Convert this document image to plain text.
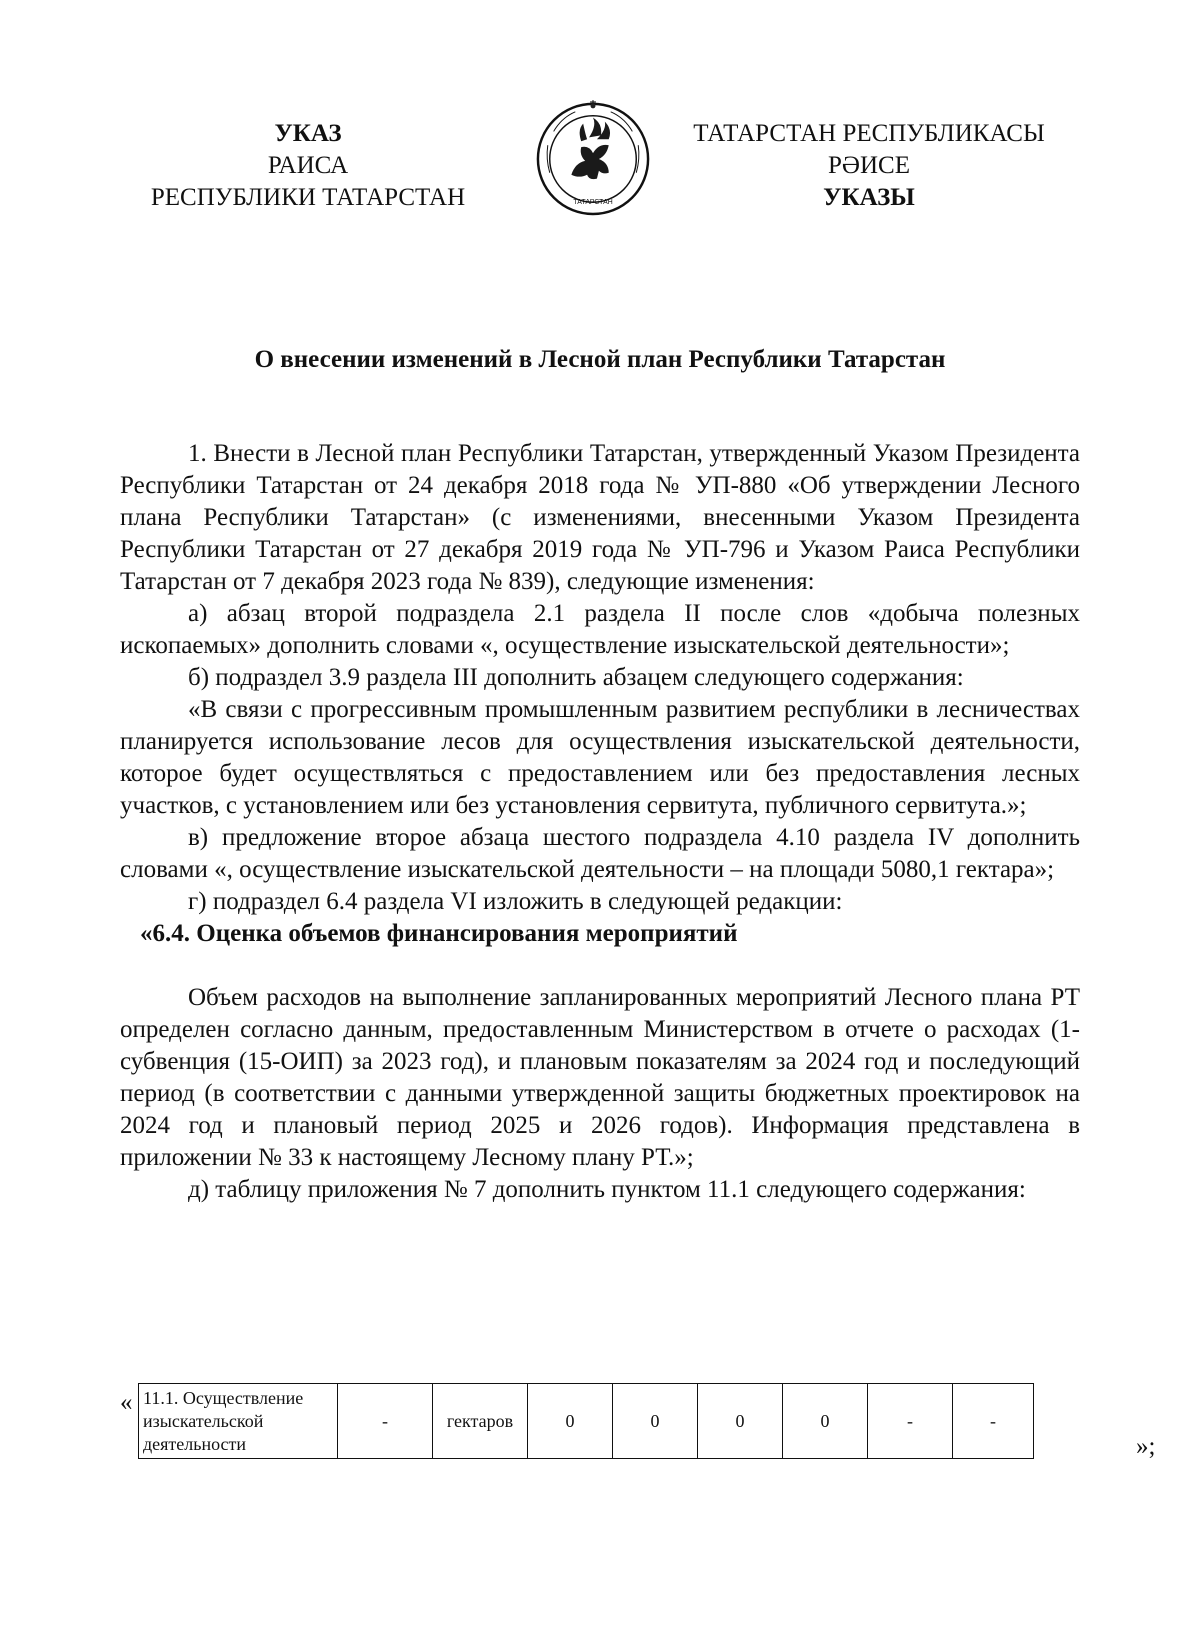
УКАЗ
РАИСА
РЕСПУБЛИКИ ТАТАРСТАН
ТАТАРСТАН РЕСПУБЛИКАСЫ
РӘИСЕ
УКАЗЫ
ТАТАРСТАН
О внесении изменений в Лесной план Республики Татарстан

1. Внести в Лесной план Республики Татарстан, утвержденный Указом Президента Республики Татарстан от 24 декабря 2018 года № УП-880 «Об утверждении Лесного плана Республики Татарстан» (с изменениями, внесенными Указом Президента Республики Татарстан от 27 декабря 2019 года № УП-796 и Указом Раиса Республики Татарстан от 7 декабря 2023 года № 839), следующие изменения:

а) абзац второй подраздела 2.1 раздела II после слов «добыча полезных ископаемых» дополнить словами «, осуществление изыскательской деятельности»;

б) подраздел 3.9 раздела III дополнить абзацем следующего содержания:

«В связи с прогрессивным промышленным развитием республики в лесничествах планируется использование лесов для осуществления изыскательской деятельности, которое будет осуществляться с предоставлением или без предоставления лесных участков, с установлением или без установления сервитута, публичного сервитута.»;

в) предложение второе абзаца шестого подраздела 4.10 раздела IV дополнить словами «, осуществление изыскательской деятельности – на площади 5080,1 гектара»;

г) подраздел 6.4 раздела VI изложить в следующей редакции:

«6.4. Оценка объемов финансирования мероприятий

Объем расходов на выполнение запланированных мероприятий Лесного плана РТ определен согласно данным, предоставленным Министерством в отчете о расходах (1-субвенция (15-ОИП) за 2023 год), и плановым показателям за 2024 год и последующий период (в соответствии с данными утвержденной защиты бюджетных проектировок на 2024 год и плановый период 2025 и 2026 годов). Информация представлена в приложении № 33 к настоящему Лесному плану РТ.»;

д) таблицу приложения № 7 дополнить пунктом 11.1 следующего содержания:

« 11.1. Осуществление изыскательской деятельности	-	гектаров	0	0	0	0	-	-
»;
